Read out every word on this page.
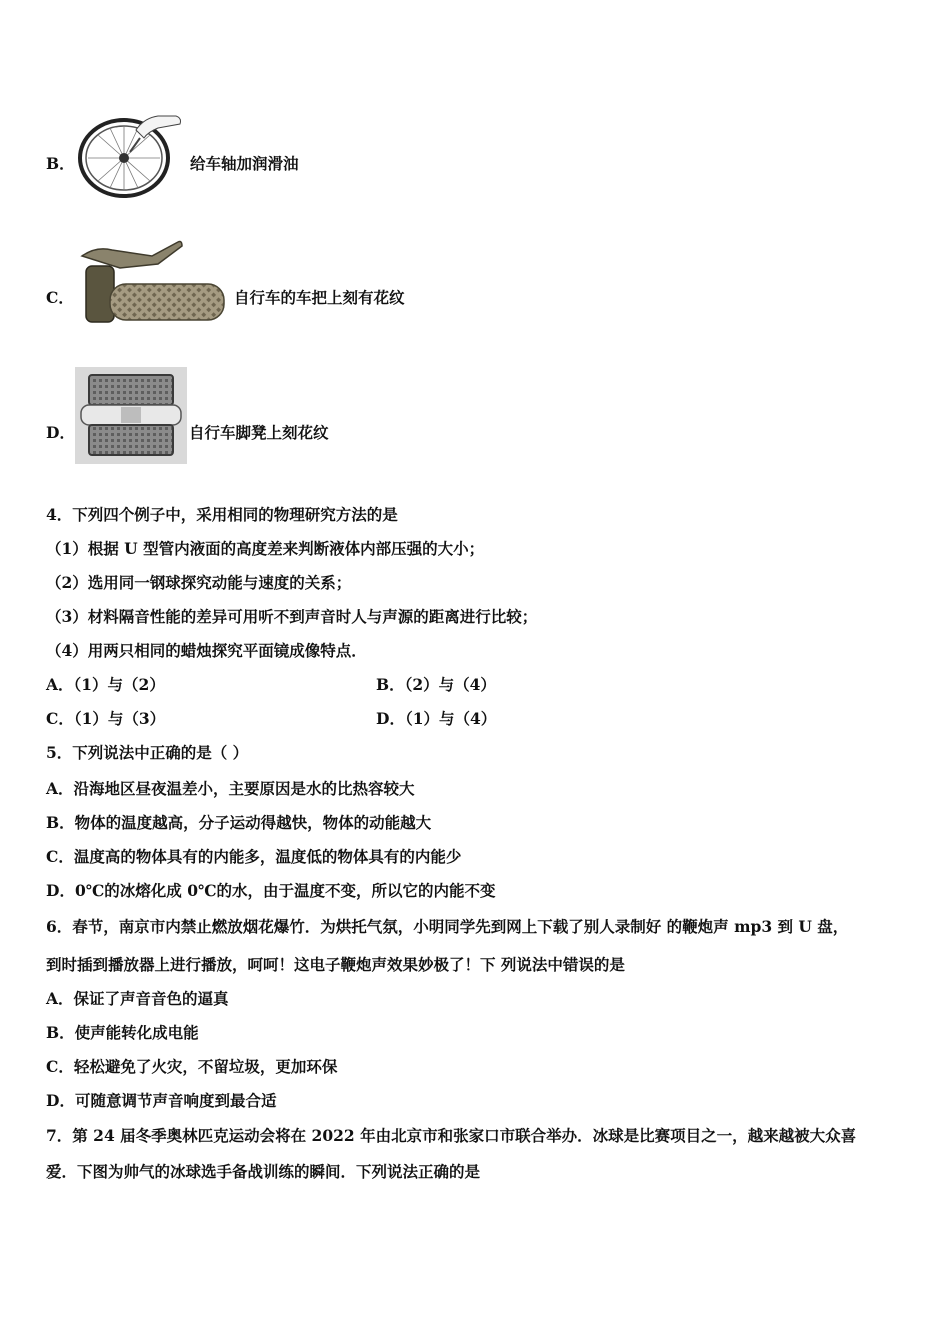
B．	给车轴加润滑油
C．	自行车的车把上刻有花纹
D．	自行车脚凳上刻花纹
4．下列四个例子中，采用相同的物理研究方法的是
（1）根据 U 型管内液面的高度差来判断液体内部压强的大小；
（2）选用同一钢球探究动能与速度的关系；
（3）材料隔音性能的差异可用听不到声音时人与声源的距离进行比较；
（4）用两只相同的蜡烛探究平面镜成像特点．
A．（1）与（2）	B．（2）与（4）
C．（1）与（3）	D．（1）与（4）
5．下列说法中正确的是（ ）
A．沿海地区昼夜温差小，主要原因是水的比热容较大
B．物体的温度越高，分子运动得越快，物体的动能越大
C．温度高的物体具有的内能多，温度低的物体具有的内能少
D．0℃的冰熔化成 0℃的水，由于温度不变，所以它的内能不变
6．春节，南京市内禁止燃放烟花爆竹．为烘托气氛，小明同学先到网上下载了别人录制好 的鞭炮声 mp3 到 U 盘，
到时插到播放器上进行播放，呵呵！这电子鞭炮声效果妙极了！下 列说法中错误的是
A．保证了声音音色的逼真
B．使声能转化成电能
C．轻松避免了火灾，不留垃圾，更加环保
D．可随意调节声音响度到最合适
7．第 24 届冬季奥林匹克运动会将在 2022 年由北京市和张家口市联合举办．冰球是比赛项目之一，越来越被大众喜
爱．下图为帅气的冰球选手备战训练的瞬间．下列说法正确的是
